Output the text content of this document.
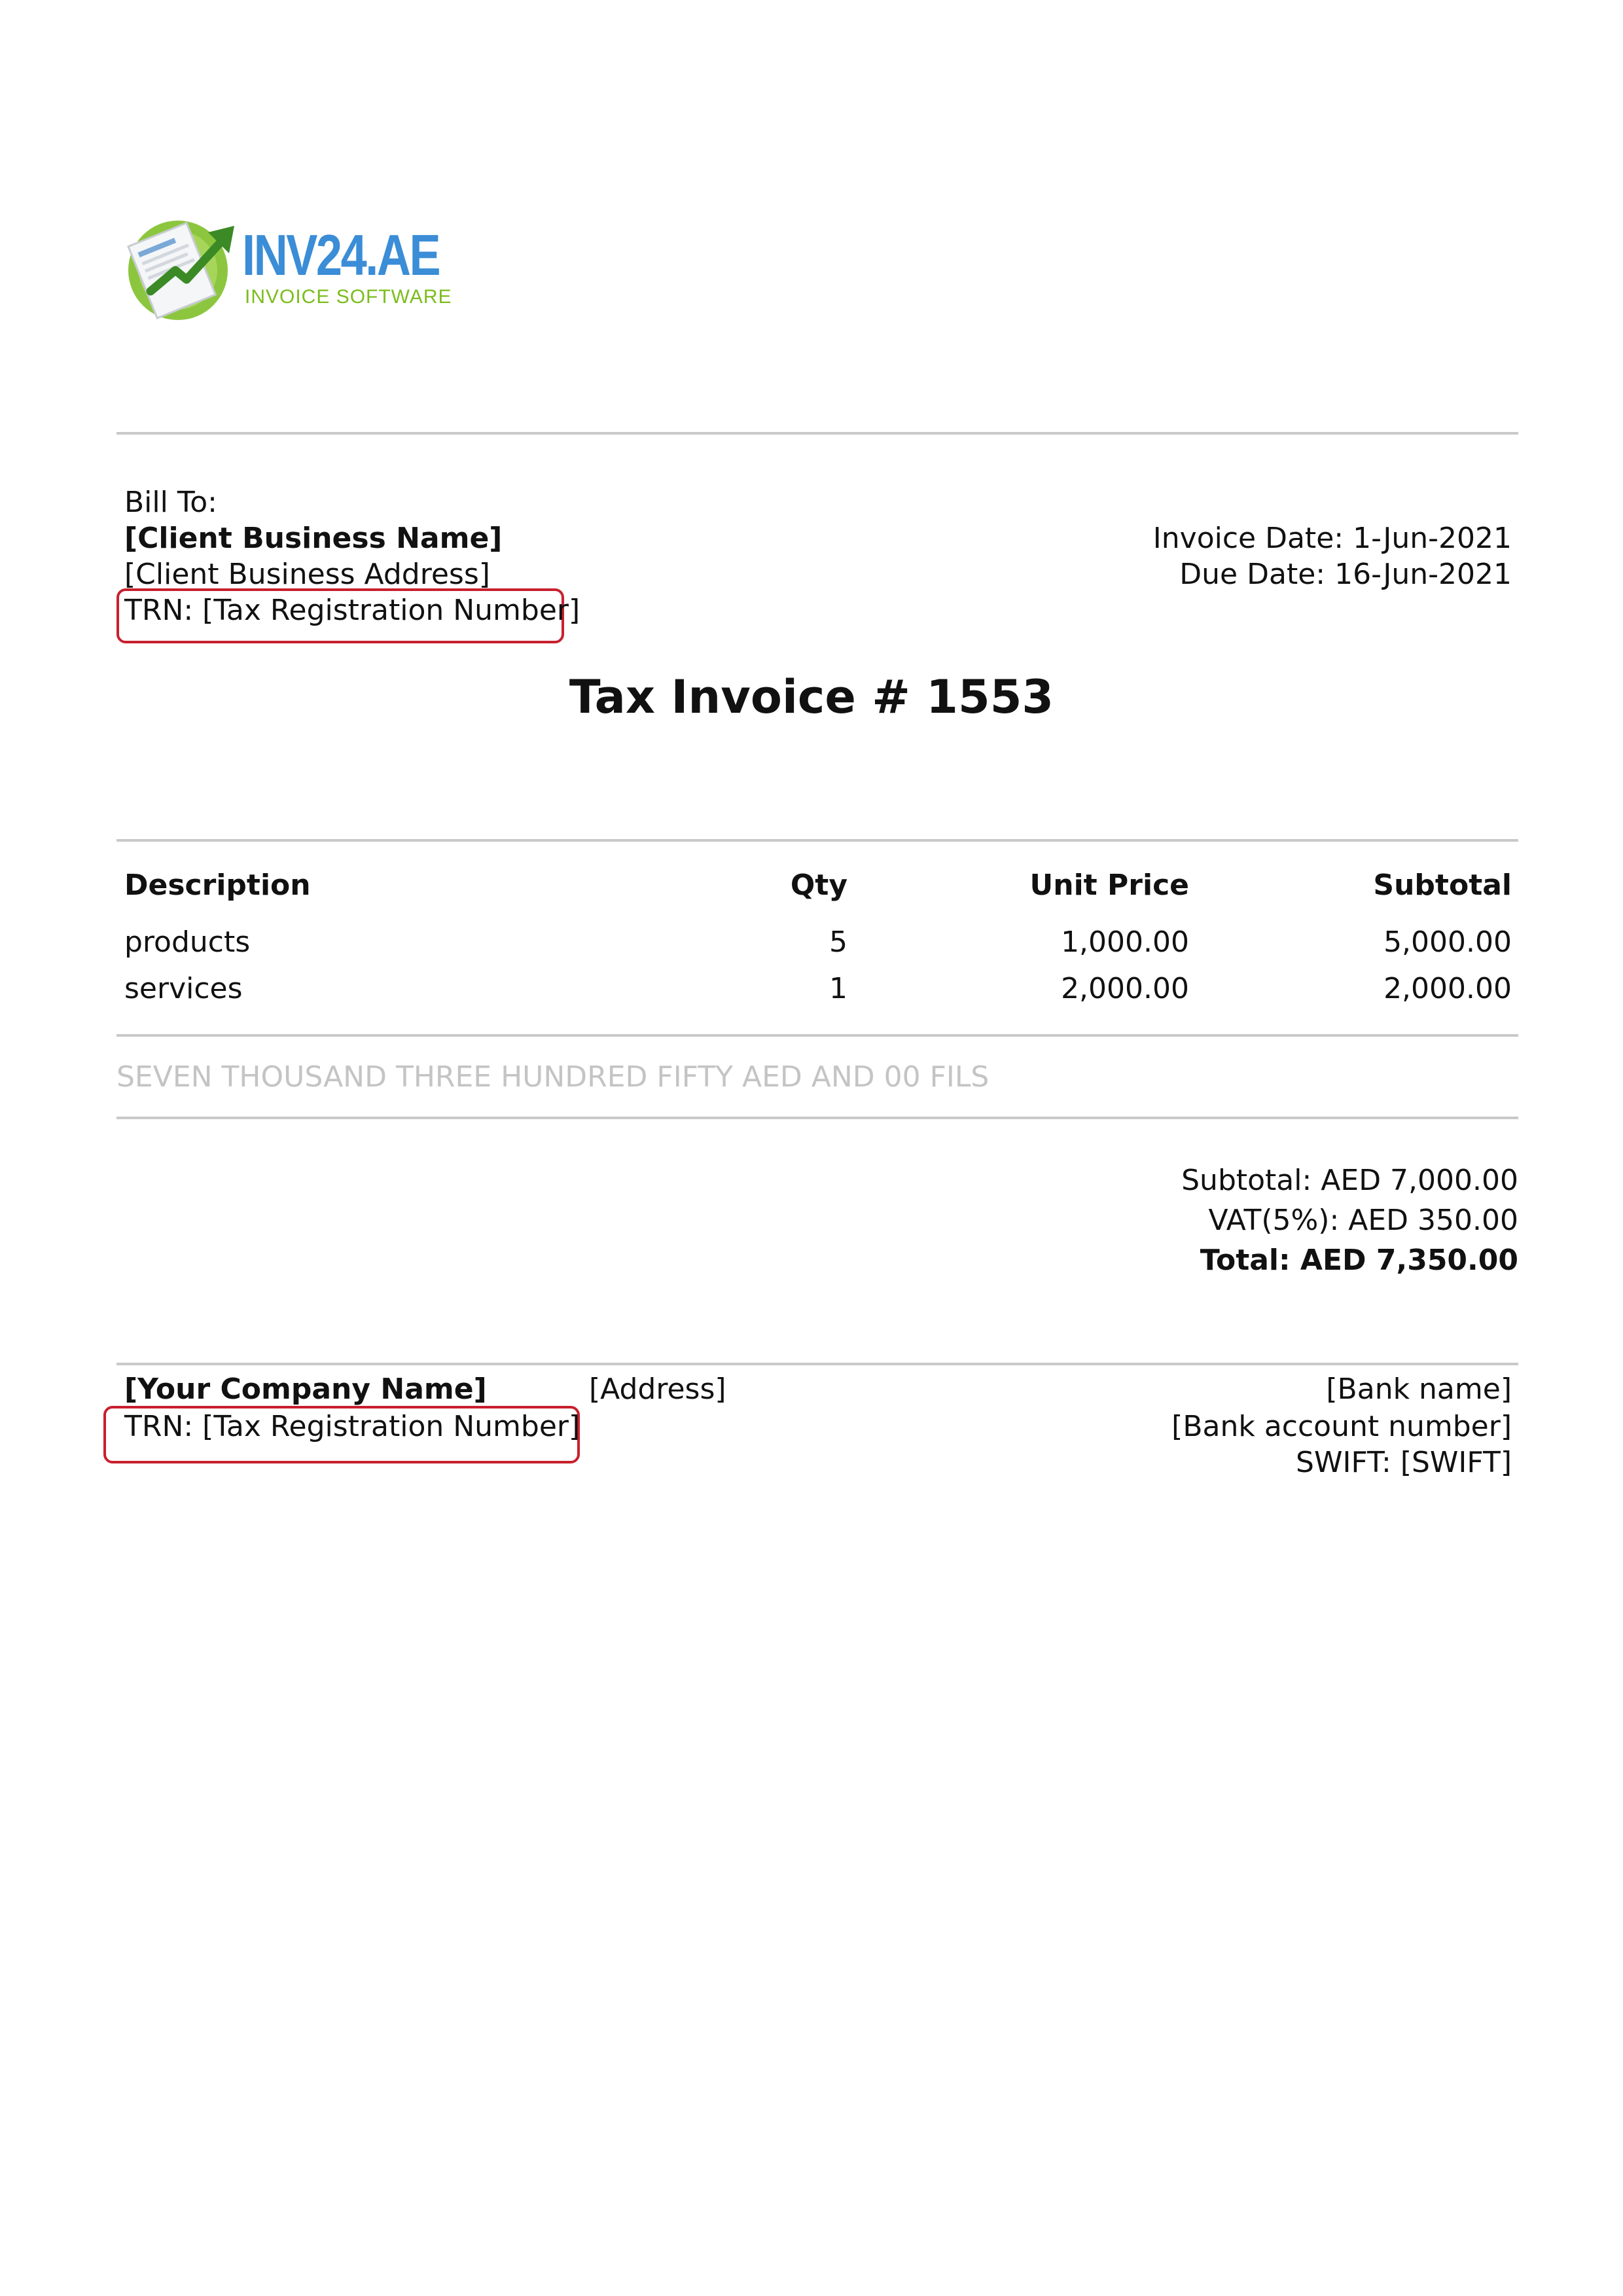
INV24.AE
INVOICE SOFTWARE
Bill To:
[Client Business Name]
[Client Business Address]
TRN: [Tax Registration Number]
Invoice Date: 1-Jun-2021
Due Date: 16-Jun-2021
Tax Invoice # 1553
Description	Qty	Unit Price	Subtotal
products	5	1,000.00	5,000.00
services	1	2,000.00	2,000.00
SEVEN THOUSAND THREE HUNDRED FIFTY AED AND 00 FILS
Subtotal: AED 7,000.00
VAT(5%): AED 350.00
Total: AED 7,350.00
[Your Company Name]
TRN: [Tax Registration Number]
[Address]	[Bank name]
[Bank account number]
SWIFT: [SWIFT]
